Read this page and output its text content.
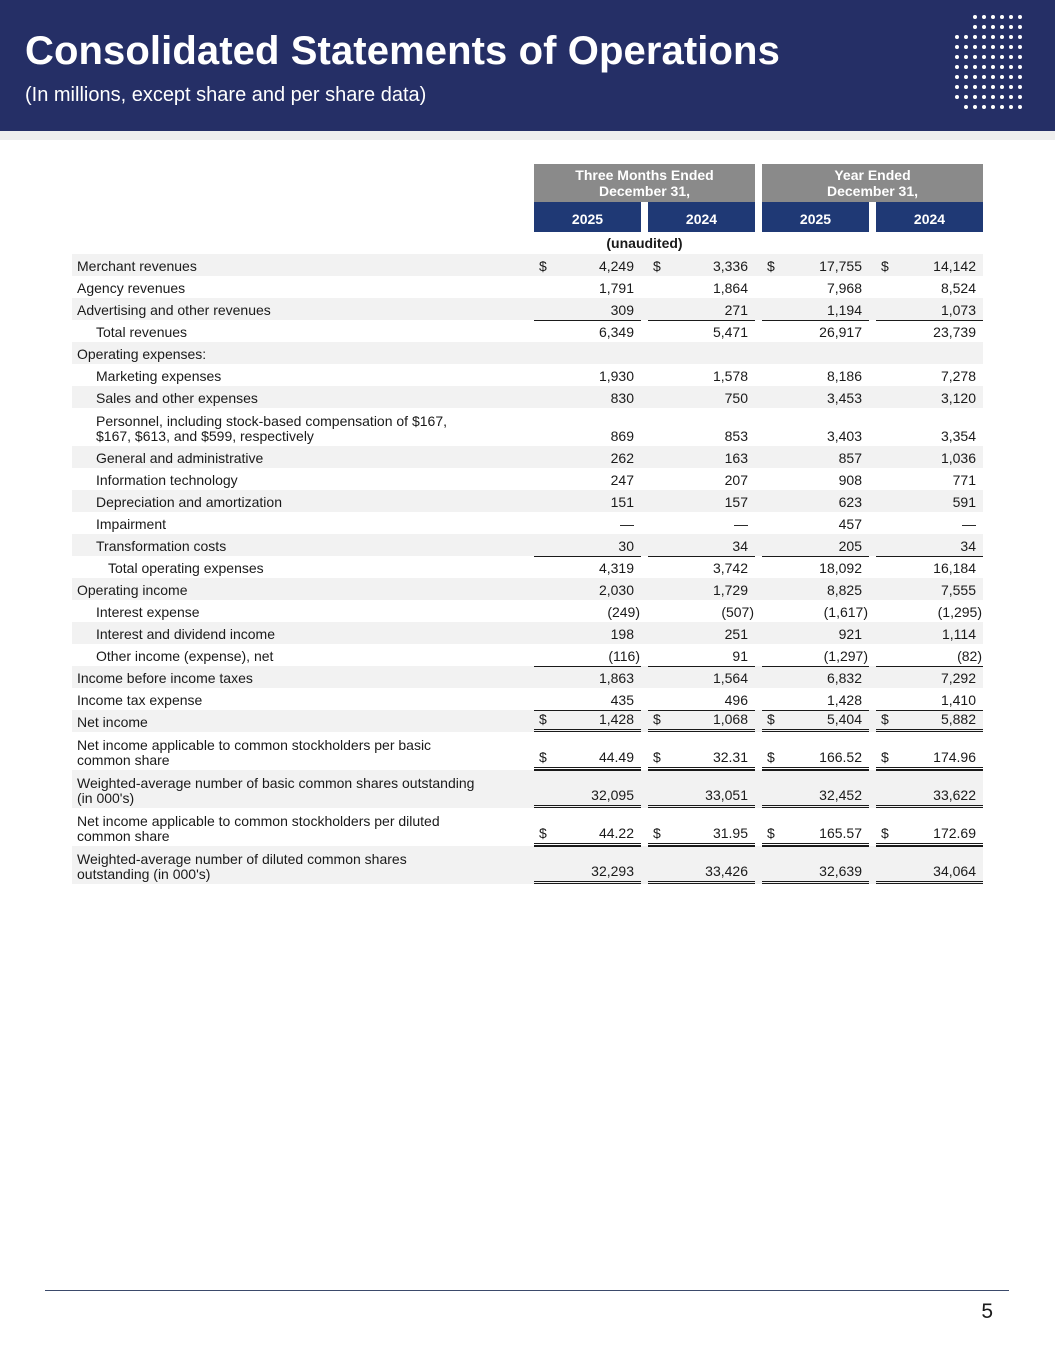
Consolidated Statements of Operations
(In millions, except share and per share data)
Three Months Ended
December 31,
Year Ended
December 31,
2025	2024	2025	2024
(unaudited)
Merchant revenues	$	4,249 $	3,336 $	17,755 $	14,142
Agency revenues	1,791	1,864	7,968	8,524
Advertising and other revenues	309	271	1,194	1,073
Total revenues	6,349	5,471	26,917	23,739
Operating expenses:
Marketing expenses	1,930	1,578	8,186	7,278
Sales and other expenses	830	750	3,453	3,120
Personnel, including stock-based compensation of $167,
$167, $613, and $599, respectively	869	853	3,403	3,354
General and administrative	262	163	857	1,036
Information technology	247	207	908	771
Depreciation and amortization	151	157	623	591
Impairment	—	—	457	—
Transformation costs	30	34	205	34
Total operating expenses	4,319	3,742	18,092	16,184
Operating income	2,030	1,729	8,825	7,555
Interest expense	(249)	(507)	(1,617)	(1,295)
Interest and dividend income	198	251	921	1,114
Other income (expense), net	(116)	91	(1,297)	(82)
Income before income taxes	1,863	1,564	6,832	7,292
Income tax expense	435	496	1,428	1,410
Net income	$	1,428 $	1,068 $	5,404 $	5,882
Net income applicable to common stockholders per basic
common share	$	44.49 $	32.31 $	166.52 $	174.96
Weighted-average number of basic common shares outstanding
(in 000's)	32,095	33,051	32,452	33,622
Net income applicable to common stockholders per diluted
common share	$	44.22 $	31.95 $	165.57 $	172.69
Weighted-average number of diluted common shares
outstanding (in 000's)	32,293	33,426	32,639	34,064
5
